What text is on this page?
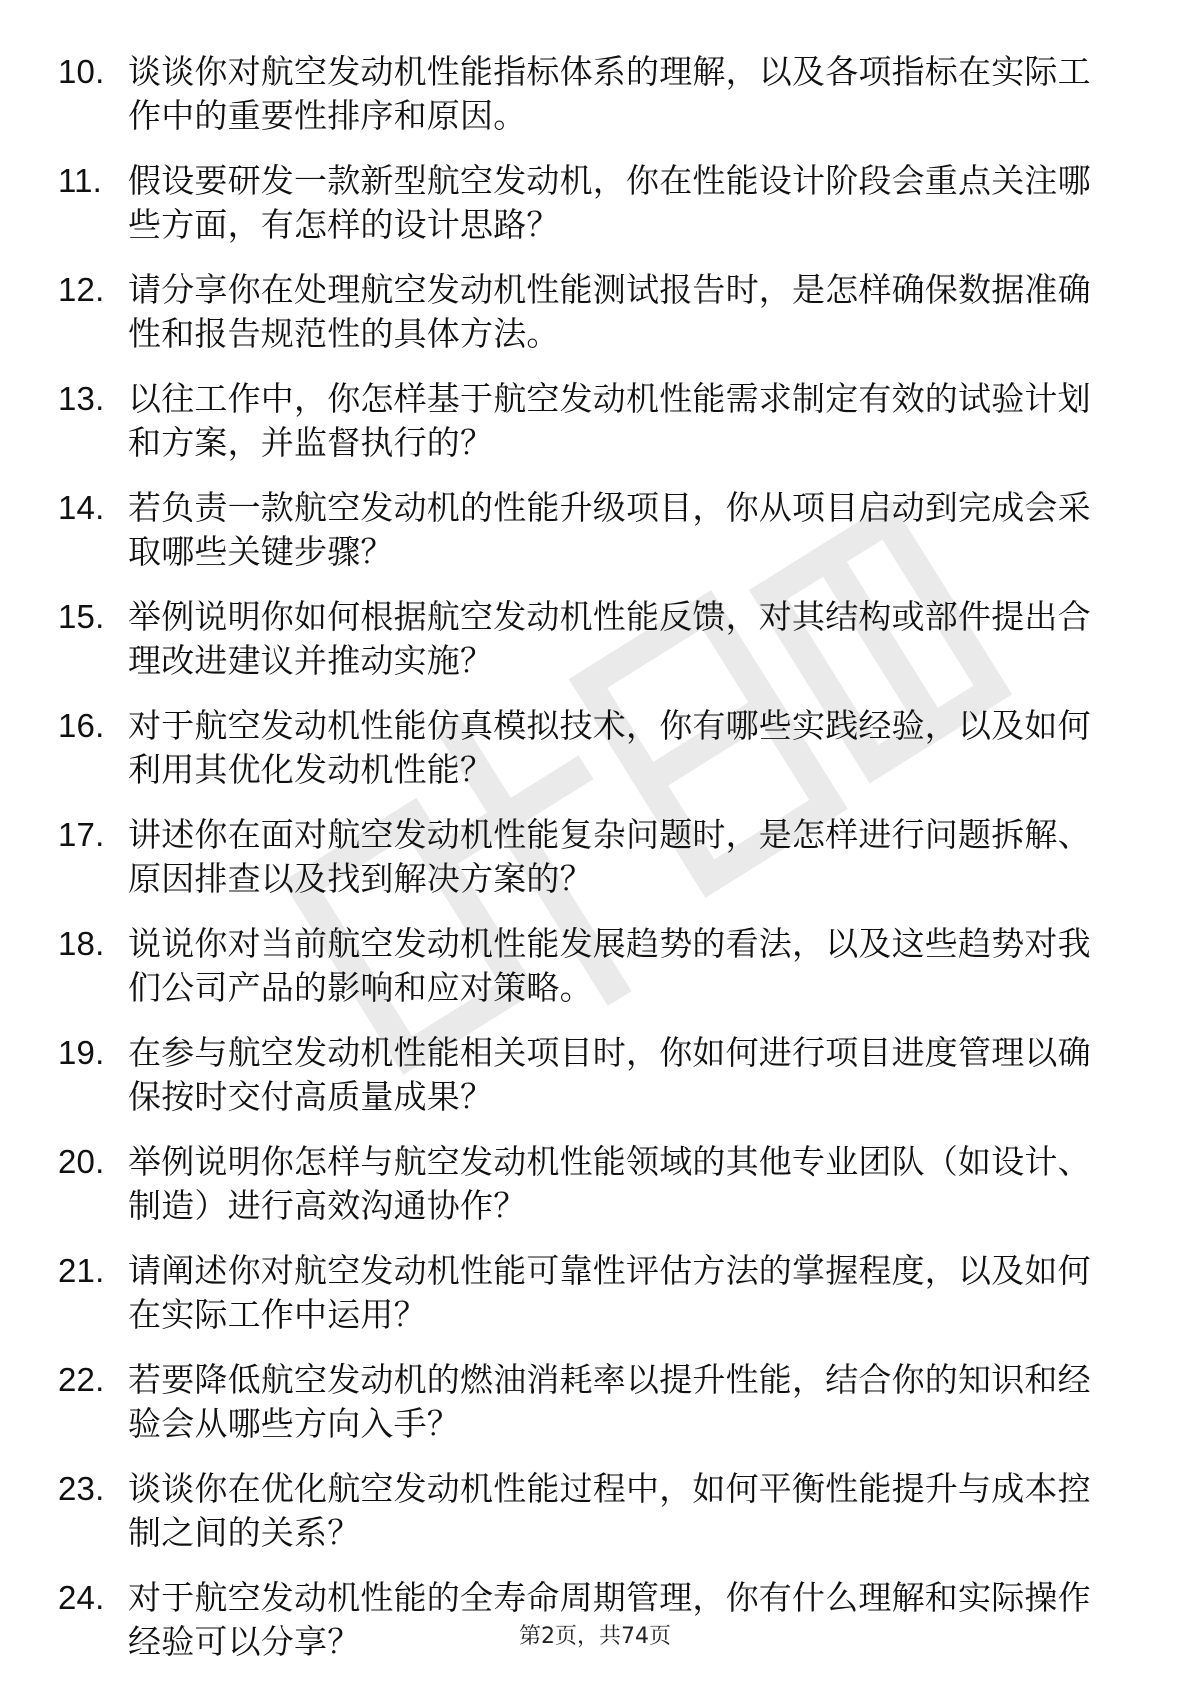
10. 谈谈你对航空发动机性能指标体系的理解，以及各项指标在实际工作中的重要性排序和原因。
11. 假设要研发一款新型航空发动机，你在性能设计阶段会重点关注哪些方面，有怎样的设计思路？
12. 请分享你在处理航空发动机性能测试报告时，是怎样确保数据准确性和报告规范性的具体方法。
13. 以往工作中，你怎样基于航空发动机性能需求制定有效的试验计划和方案，并监督执行的？
14. 若负责一款航空发动机的性能升级项目，你从项目启动到完成会采取哪些关键步骤？
15. 举例说明你如何根据航空发动机性能反馈，对其结构或部件提出合理改进建议并推动实施？
16. 对于航空发动机性能仿真模拟技术，你有哪些实践经验，以及如何利用其优化发动机性能？
17. 讲述你在面对航空发动机性能复杂问题时，是怎样进行问题拆解、原因排查以及找到解决方案的？
18. 说说你对当前航空发动机性能发展趋势的看法，以及这些趋势对我们公司产品的影响和应对策略。
19. 在参与航空发动机性能相关项目时，你如何进行项目进度管理以确保按时交付高质量成果？
20. 举例说明你怎样与航空发动机性能领域的其他专业团队（如设计、制造）进行高效沟通协作？
21. 请阐述你对航空发动机性能可靠性评估方法的掌握程度，以及如何在实际工作中运用？
22. 若要降低航空发动机的燃油消耗率以提升性能，结合你的知识和经验会从哪些方向入手？
23. 谈谈你在优化航空发动机性能过程中，如何平衡性能提升与成本控制之间的关系？
24. 对于航空发动机性能的全寿命周期管理，你有什么理解和实际操作经验可以分享？	第2页，共74页
